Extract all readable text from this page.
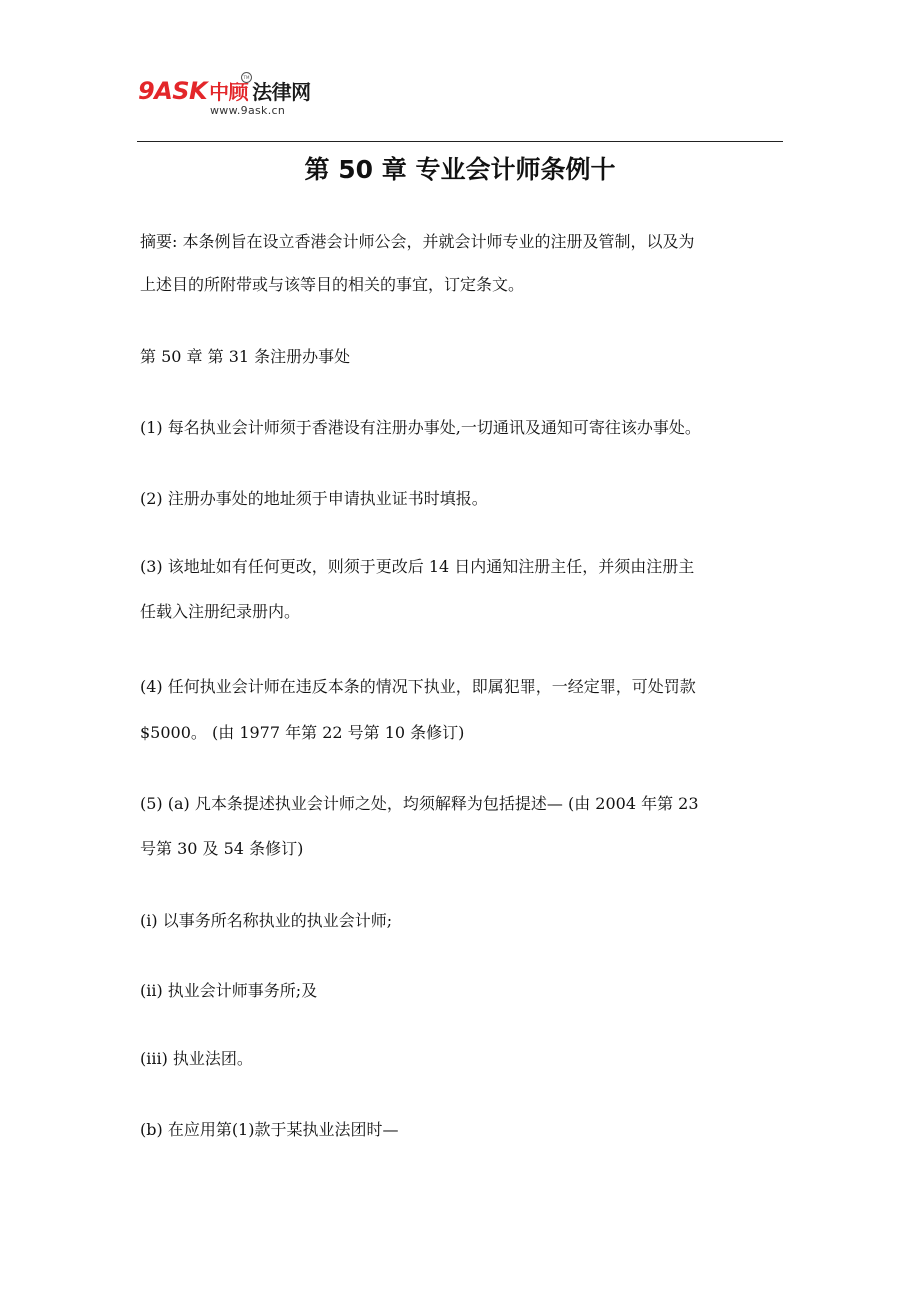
9ASK 中顾 法律网
TM
www.9ask.cn
第 50 章 专业会计师条例十
摘要: 本条例旨在设立香港会计师公会，并就会计师专业的注册及管制，以及为
上述目的所附带或与该等目的相关的事宜，订定条文。
第 50 章 第 31 条注册办事处
(1) 每名执业会计师须于香港设有注册办事处,一切通讯及通知可寄往该办事处。
(2) 注册办事处的地址须于申请执业证书时填报。
(3) 该地址如有任何更改，则须于更改后 14 日内通知注册主任，并须由注册主
任载入注册纪录册内。
(4) 任何执业会计师在违反本条的情况下执业，即属犯罪，一经定罪，可处罚款
$5000。 (由 1977 年第 22 号第 10 条修订)
(5) (a) 凡本条提述执业会计师之处，均须解释为包括提述— (由 2004 年第 23
号第 30 及 54 条修订)
(i) 以事务所名称执业的执业会计师;
(ii) 执业会计师事务所;及
(iii) 执业法团。
(b) 在应用第(1)款于某执业法团时—
